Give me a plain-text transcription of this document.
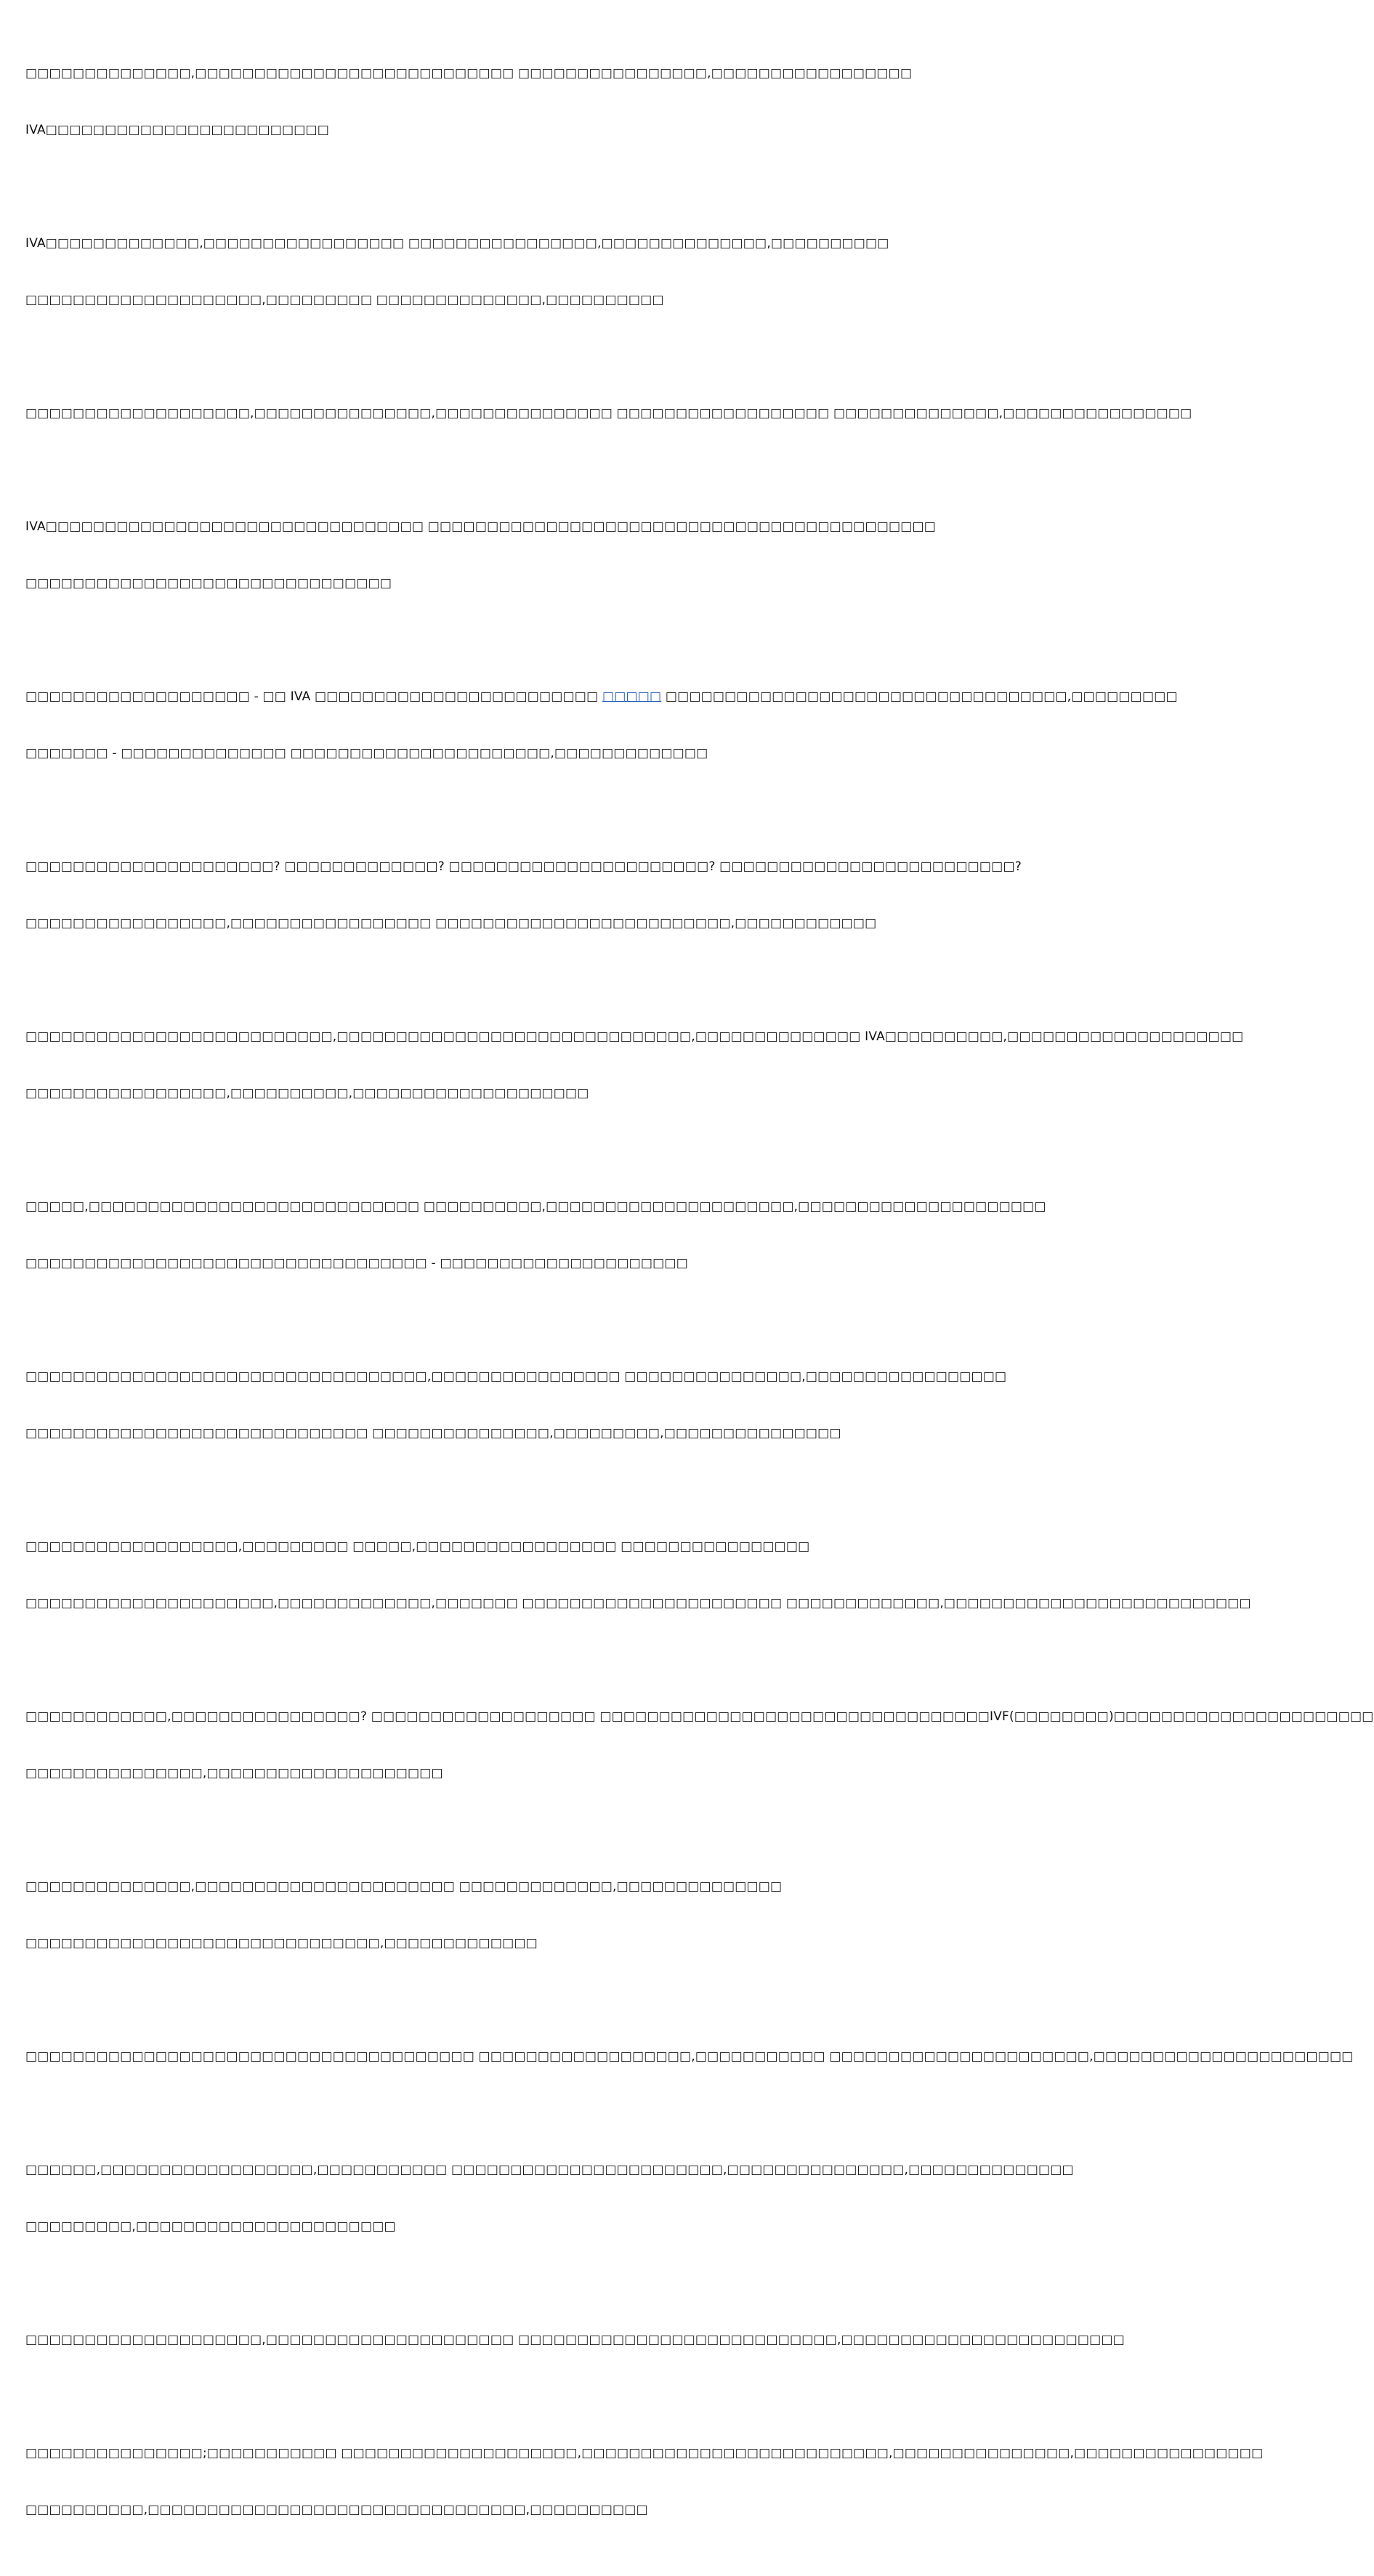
□□□□□□□□□□□□□□,□□□□□□□□□□□□□□□□□□□□□□□□□□□ □□□□□□□□□□□□□□□□,□□□□□□□□□□□□□□□□□

IVA□□□□□□□□□□□□□□□□□□□□□□□□

IVA□□□□□□□□□□□□□,□□□□□□□□□□□□□□□□□ □□□□□□□□□□□□□□□□,□□□□□□□□□□□□□□,□□□□□□□□□□

□□□□□□□□□□□□□□□□□□□□,□□□□□□□□□ □□□□□□□□□□□□□□,□□□□□□□□□□

□□□□□□□□□□□□□□□□□□□,□□□□□□□□□□□□□□□,□□□□□□□□□□□□□□□ □□□□□□□□□□□□□□□□□□ □□□□□□□□□□□□□□,□□□□□□□□□□□□□□□□

IVA□□□□□□□□□□□□□□□□□□□□□□□□□□□□□□□□ □□□□□□□□□□□□□□□□□□□□□□□□□□□□□□□□□□□□□□□□□□□

□□□□□□□□□□□□□□□□□□□□□□□□□□□□□□□

□□□□□□□□□□□□□□□□□□□ - □□ IVA □□□□□□□□□□□□□□□□□□□□□□□□ □□□□□ □□□□□□□□□□□□□□□□□□□□□□□□□□□□□□□□□□,□□□□□□□□□

□□□□□□□ - □□□□□□□□□□□□□□ □□□□□□□□□□□□□□□□□□□□□□,□□□□□□□□□□□□□

□□□□□□□□□□□□□□□□□□□□□? □□□□□□□□□□□□□? □□□□□□□□□□□□□□□□□□□□□□? □□□□□□□□□□□□□□□□□□□□□□□□□?

□□□□□□□□□□□□□□□□□,□□□□□□□□□□□□□□□□□ □□□□□□□□□□□□□□□□□□□□□□□□□,□□□□□□□□□□□□

□□□□□□□□□□□□□□□□□□□□□□□□□□,□□□□□□□□□□□□□□□□□□□□□□□□□□□□□□,□□□□□□□□□□□□□□ IVA□□□□□□□□□□,□□□□□□□□□□□□□□□□□□□□

□□□□□□□□□□□□□□□□□,□□□□□□□□□□,□□□□□□□□□□□□□□□□□□□□

□□□□□,□□□□□□□□□□□□□□□□□□□□□□□□□□□□ □□□□□□□□□□,□□□□□□□□□□□□□□□□□□□□□,□□□□□□□□□□□□□□□□□□□□□

□□□□□□□□□□□□□□□□□□□□□□□□□□□□□□□□□□ - □□□□□□□□□□□□□□□□□□□□□

□□□□□□□□□□□□□□□□□□□□□□□□□□□□□□□□□□,□□□□□□□□□□□□□□□□ □□□□□□□□□□□□□□□,□□□□□□□□□□□□□□□□□

□□□□□□□□□□□□□□□□□□□□□□□□□□□□□ □□□□□□□□□□□□□□□,□□□□□□□□□,□□□□□□□□□□□□□□□

□□□□□□□□□□□□□□□□□□,□□□□□□□□□ □□□□□,□□□□□□□□□□□□□□□□□ □□□□□□□□□□□□□□□□

□□□□□□□□□□□□□□□□□□□□□,□□□□□□□□□□□□□,□□□□□□□ □□□□□□□□□□□□□□□□□□□□□□ □□□□□□□□□□□□□,□□□□□□□□□□□□□□□□□□□□□□□□□□

□□□□□□□□□□□□,□□□□□□□□□□□□□□□□? □□□□□□□□□□□□□□□□□□□ □□□□□□□□□□□□□□□□□□□□□□□□□□□□□□□□□IVF(□□□□□□□□)□□□□□□□□□□□□□□□□□□□□□□

□□□□□□□□□□□□□□□,□□□□□□□□□□□□□□□□□□□□

□□□□□□□□□□□□□□,□□□□□□□□□□□□□□□□□□□□□□ □□□□□□□□□□□□□,□□□□□□□□□□□□□□

□□□□□□□□□□□□□□□□□□□□□□□□□□□□□□,□□□□□□□□□□□□□

□□□□□□□□□□□□□□□□□□□□□□□□□□□□□□□□□□□□□□ □□□□□□□□□□□□□□□□□□,□□□□□□□□□□□ □□□□□□□□□□□□□□□□□□□□□□,□□□□□□□□□□□□□□□□□□□□□□

□□□□□□,□□□□□□□□□□□□□□□□□□,□□□□□□□□□□□ □□□□□□□□□□□□□□□□□□□□□□□,□□□□□□□□□□□□□□□,□□□□□□□□□□□□□□

□□□□□□□□□,□□□□□□□□□□□□□□□□□□□□□□

□□□□□□□□□□□□□□□□□□□□,□□□□□□□□□□□□□□□□□□□□□ □□□□□□□□□□□□□□□□□□□□□□□□□□□,□□□□□□□□□□□□□□□□□□□□□□□□

□□□□□□□□□□□□□□□;□□□□□□□□□□□ □□□□□□□□□□□□□□□□□□□□,□□□□□□□□□□□□□□□□□□□□□□□□□□,□□□□□□□□□□□□□□□,□□□□□□□□□□□□□□□□

□□□□□□□□□□,□□□□□□□□□□□□□□□□□□□□□□□□□□□□□□□□,□□□□□□□□□□
